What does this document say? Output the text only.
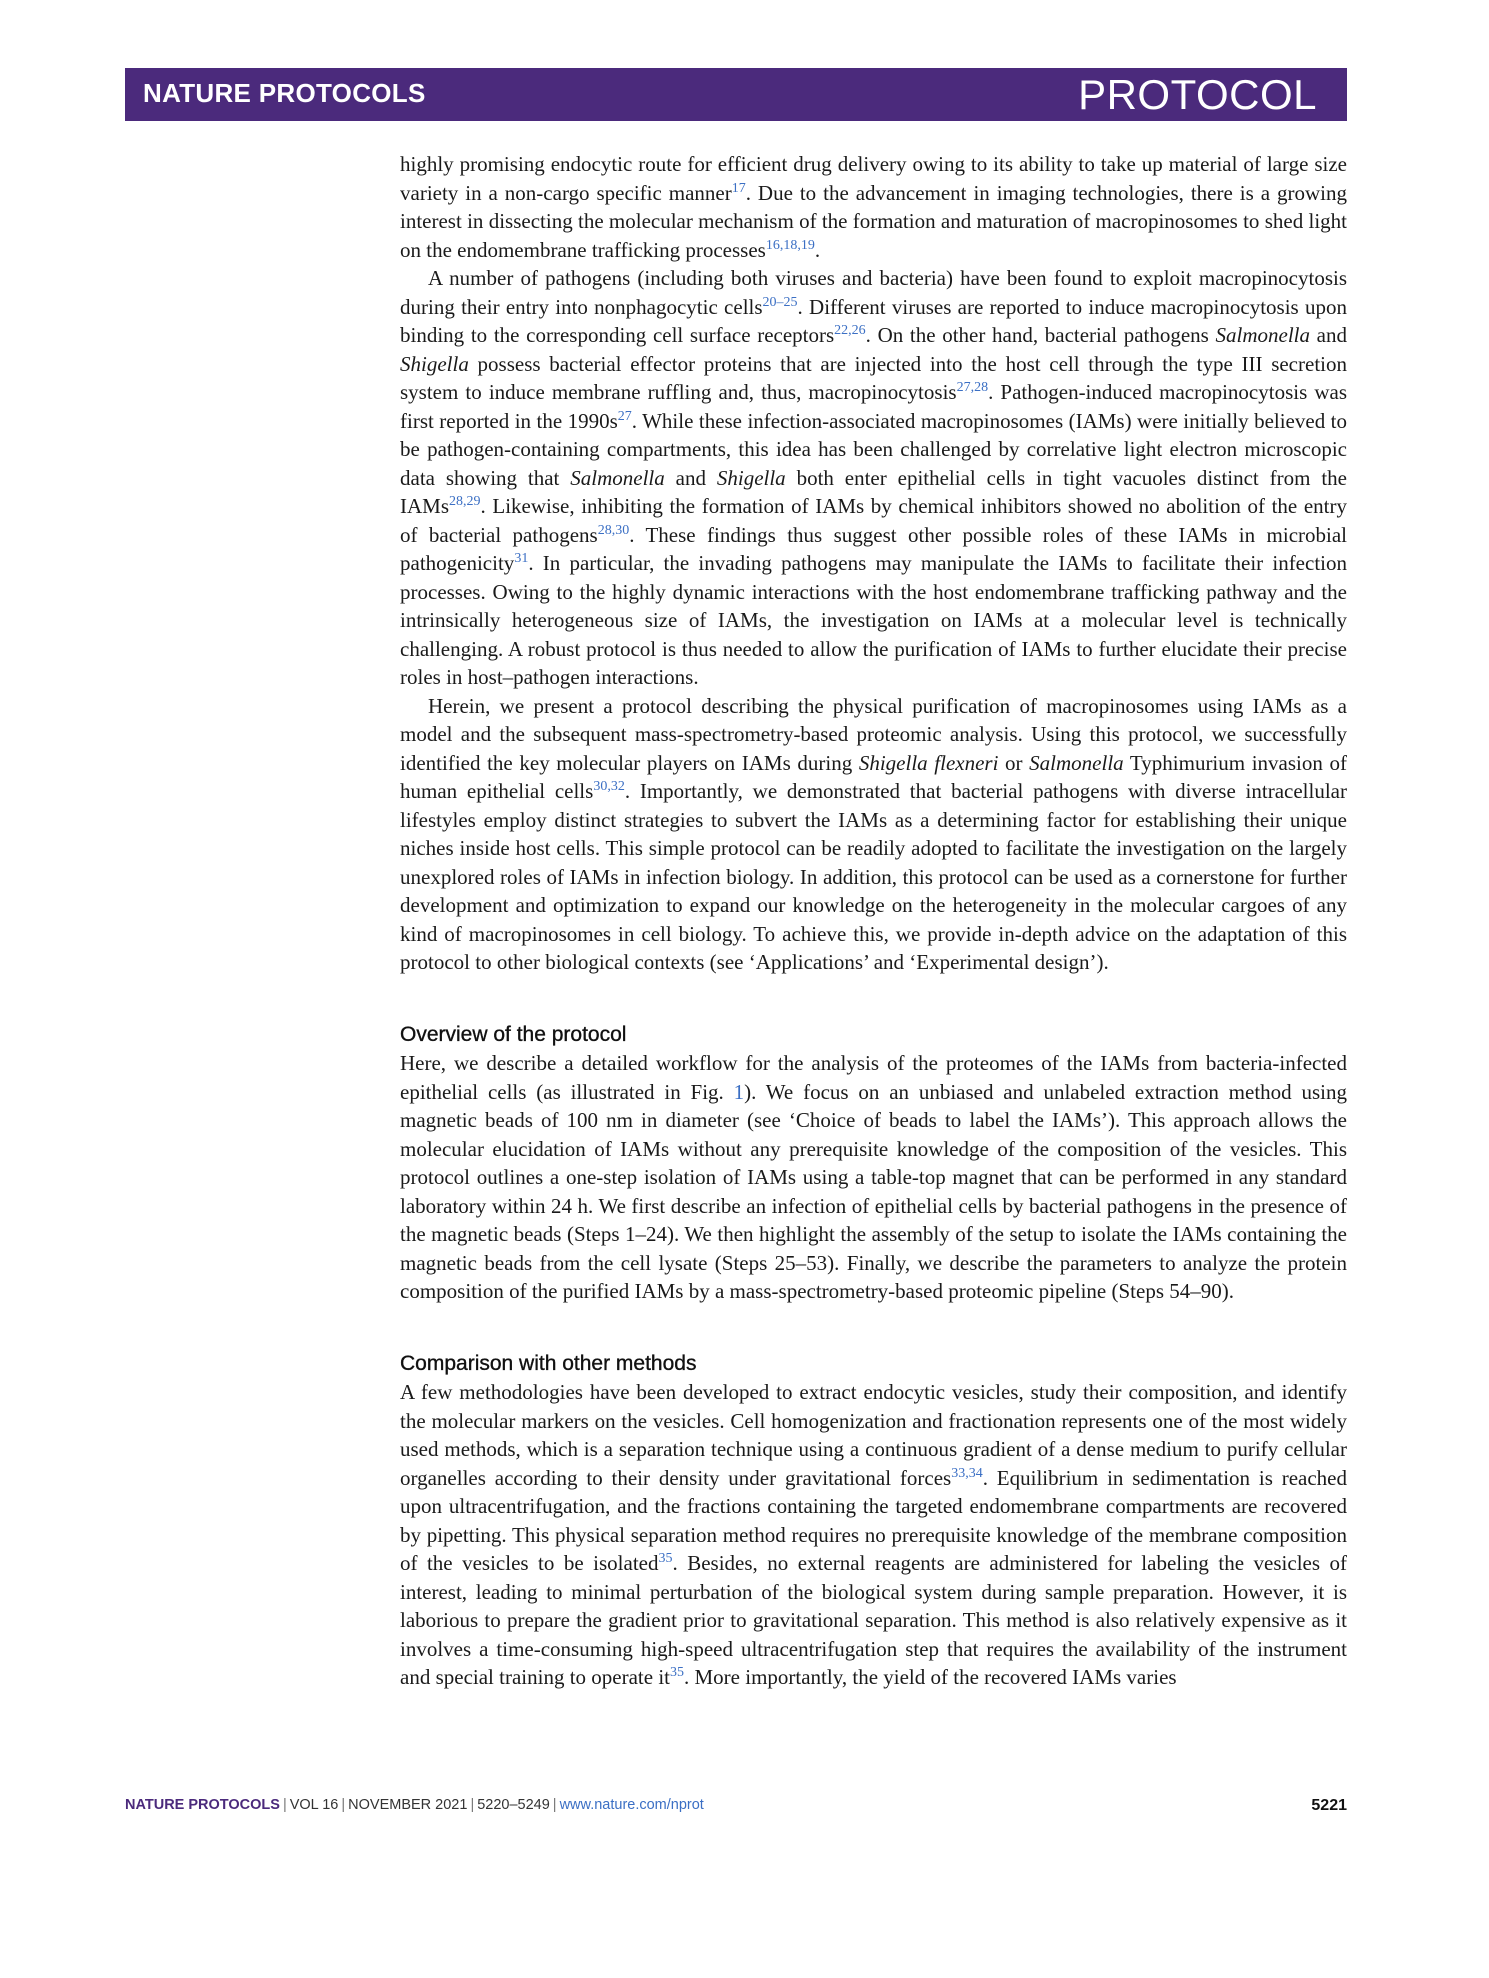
NATURE PROTOCOLS	PROTOCOL

highly promising endocytic route for efficient drug delivery owing to its ability to take up material of large size variety in a non-cargo specific manner$^{17}$. Due to the advancement in imaging technologies, there is a growing interest in dissecting the molecular mechanism of the formation and maturation of macropinosomes to shed light on the endomembrane trafficking processes$^{16,18,19}$.

A number of pathogens (including both viruses and bacteria) have been found to exploit macropinocytosis during their entry into nonphagocytic cells$^{20-25}$. Different viruses are reported to induce macropinocytosis upon binding to the corresponding cell surface receptors$^{22,26}$. On the other hand, bacterial pathogens Salmonella and Shigella possess bacterial effector proteins that are injected into the host cell through the type III secretion system to induce membrane ruffling and, thus, macropinocytosis$^{27,28}$. Pathogen-induced macropinocytosis was first reported in the 1990s$^{27}$. While these infection-associated macropinosomes (IAMs) were initially believed to be pathogen-containing compartments, this idea has been challenged by correlative light electron microscopic data showing that Salmonella and Shigella both enter epithelial cells in tight vacuoles distinct from the IAMs$^{28,29}$. Likewise, inhibiting the formation of IAMs by chemical inhibitors showed no abolition of the entry of bacterial pathogens$^{28,30}$. These findings thus suggest other possible roles of these IAMs in microbial pathogenicity$^{31}$. In particular, the invading pathogens may manipulate the IAMs to facilitate their infection processes. Owing to the highly dynamic interactions with the host endomembrane trafficking pathway and the intrinsically heterogeneous size of IAMs, the investigation on IAMs at a molecular level is technically challenging. A robust protocol is thus needed to allow the purification of IAMs to further elucidate their precise roles in host–pathogen interactions.

Herein, we present a protocol describing the physical purification of macropinosomes using IAMs as a model and the subsequent mass-spectrometry-based proteomic analysis. Using this protocol, we successfully identified the key molecular players on IAMs during Shigella flexneri or Salmonella Typhimurium invasion of human epithelial cells$^{30,32}$. Importantly, we demonstrated that bacterial pathogens with diverse intracellular lifestyles employ distinct strategies to subvert the IAMs as a determining factor for establishing their unique niches inside host cells. This simple protocol can be readily adopted to facilitate the investigation on the largely unexplored roles of IAMs in infection biology. In addition, this protocol can be used as a cornerstone for further development and optimization to expand our knowledge on the heterogeneity in the molecular cargoes of any kind of macropinosomes in cell biology. To achieve this, we provide in-depth advice on the adaptation of this protocol to other biological contexts (see ‘Applications’ and ‘Experimental design’).

Overview of the protocol

Here, we describe a detailed workflow for the analysis of the proteomes of the IAMs from bacteria-infected epithelial cells (as illustrated in Fig. 1). We focus on an unbiased and unlabeled extraction method using magnetic beads of 100 nm in diameter (see ‘Choice of beads to label the IAMs’). This approach allows the molecular elucidation of IAMs without any prerequisite knowledge of the composition of the vesicles. This protocol outlines a one-step isolation of IAMs using a table-top magnet that can be performed in any standard laboratory within 24 h. We first describe an infection of epithelial cells by bacterial pathogens in the presence of the magnetic beads (Steps 1–24). We then highlight the assembly of the setup to isolate the IAMs containing the magnetic beads from the cell lysate (Steps 25–53). Finally, we describe the parameters to analyze the protein composition of the purified IAMs by a mass-spectrometry-based proteomic pipeline (Steps 54–90).

Comparison with other methods

A few methodologies have been developed to extract endocytic vesicles, study their composition, and identify the molecular markers on the vesicles. Cell homogenization and fractionation represents one of the most widely used methods, which is a separation technique using a continuous gradient of a dense medium to purify cellular organelles according to their density under gravitational forces$^{33,34}$. Equilibrium in sedimentation is reached upon ultracentrifugation, and the fractions containing the targeted endomembrane compartments are recovered by pipetting. This physical separation method requires no prerequisite knowledge of the membrane composition of the vesicles to be isolated$^{35}$. Besides, no external reagents are administered for labeling the vesicles of interest, leading to minimal perturbation of the biological system during sample preparation. However, it is laborious to prepare the gradient prior to gravitational separation. This method is also relatively expensive as it involves a time-consuming high-speed ultracentrifugation step that requires the availability of the instrument and special training to operate it$^{35}$. More importantly, the yield of the recovered IAMs varies

NATURE PROTOCOLS | VOL 16 | NOVEMBER 2021 | 5220–5249 | www.nature.com/nprot	5221
